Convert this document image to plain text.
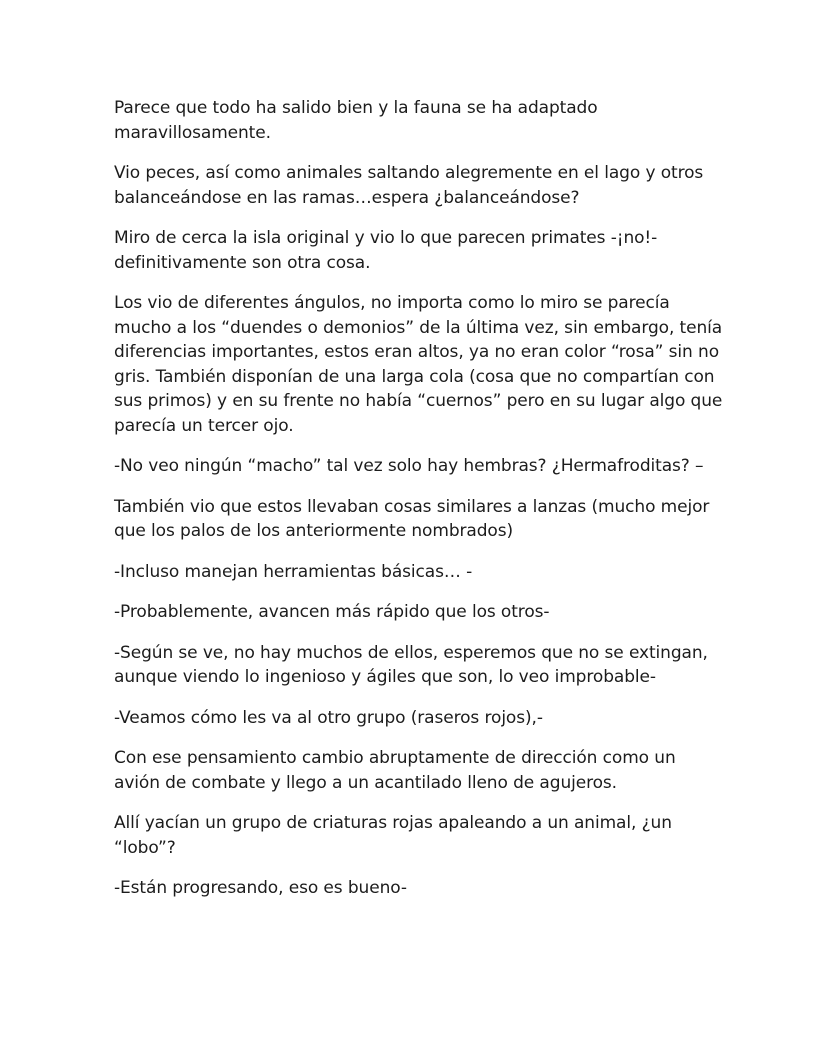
Parece que todo ha salido bien y la fauna se ha adaptado
maravillosamente.

Vio peces, así como animales saltando alegremente en el lago y otros
balanceándose en las ramas…espera ¿balanceándose?

Miro de cerca la isla original y vio lo que parecen primates -¡no!-
definitivamente son otra cosa.

Los vio de diferentes ángulos, no importa como lo miro se parecía
mucho a los “duendes o demonios” de la última vez, sin embargo, tenía
diferencias importantes, estos eran altos, ya no eran color “rosa” sin no
gris. También disponían de una larga cola (cosa que no compartían con
sus primos) y en su frente no había “cuernos” pero en su lugar algo que
parecía un tercer ojo.

-No veo ningún “macho” tal vez solo hay hembras? ¿Hermafroditas? –

También vio que estos llevaban cosas similares a lanzas (mucho mejor
que los palos de los anteriormente nombrados)

-Incluso manejan herramientas básicas… -

-Probablemente, avancen más rápido que los otros-

-Según se ve, no hay muchos de ellos, esperemos que no se extingan,
aunque viendo lo ingenioso y ágiles que son, lo veo improbable-

-Veamos cómo les va al otro grupo (raseros rojos),-

Con ese pensamiento cambio abruptamente de dirección como un
avión de combate y llego a un acantilado lleno de agujeros.

Allí yacían un grupo de criaturas rojas apaleando a un animal, ¿un
“lobo”?

-Están progresando, eso es bueno-
